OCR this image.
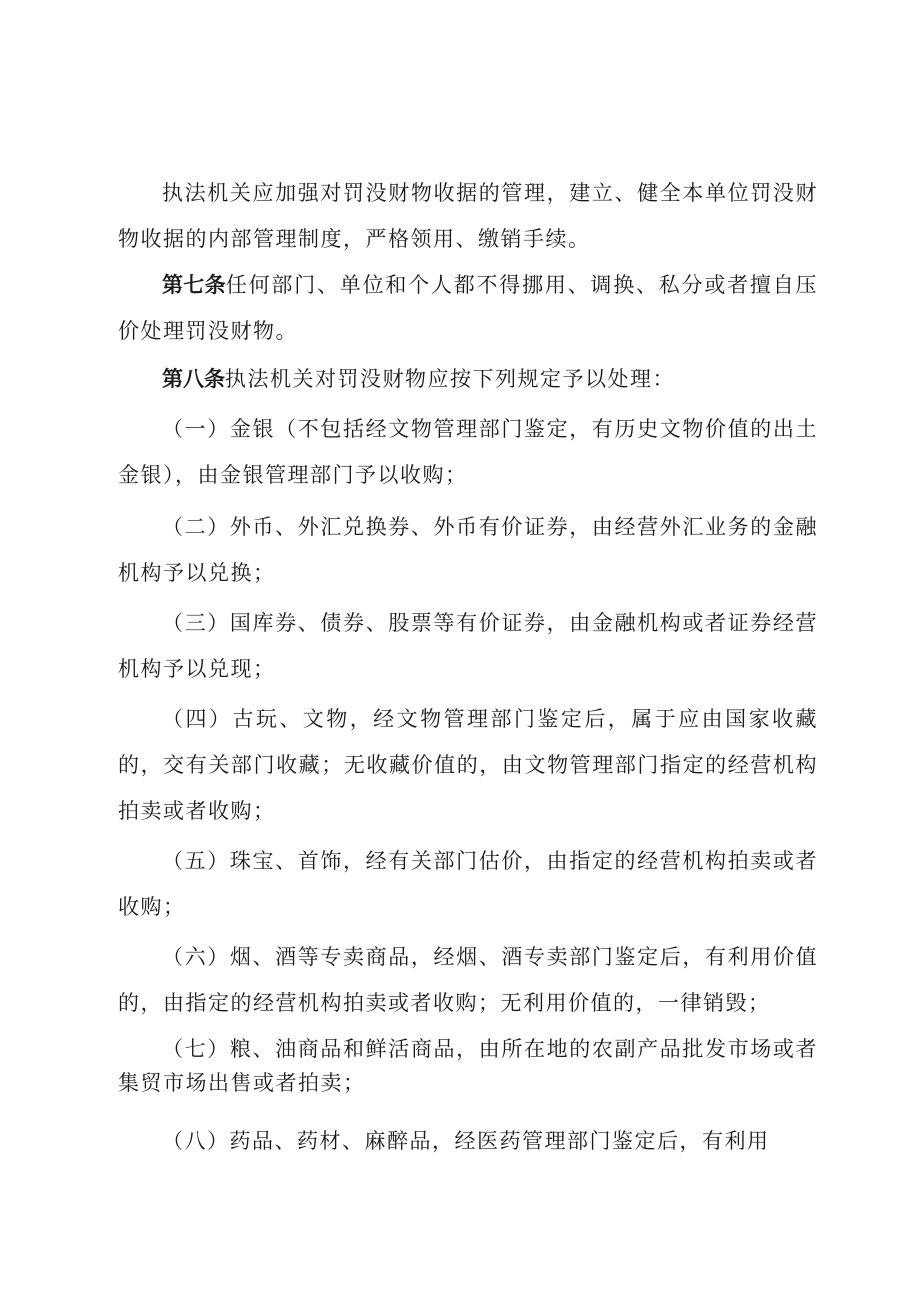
执法机关应加强对罚没财物收据的管理，建立、健全本单位罚没财物收据的内部管理制度，严格领用、缴销手续。

第七条任何部门、单位和个人都不得挪用、调换、私分或者擅自压价处理罚没财物。

第八条执法机关对罚没财物应按下列规定予以处理：

（一）金银（不包括经文物管理部门鉴定，有历史文物价值的出土金银），由金银管理部门予以收购；

（二）外币、外汇兑换券、外币有价证券，由经营外汇业务的金融机构予以兑换；

（三）国库券、债券、股票等有价证券，由金融机构或者证券经营机构予以兑现；

（四）古玩、文物，经文物管理部门鉴定后，属于应由国家收藏的，交有关部门收藏；无收藏价值的，由文物管理部门指定的经营机构拍卖或者收购；

（五）珠宝、首饰，经有关部门估价，由指定的经营机构拍卖或者收购；

（六）烟、酒等专卖商品，经烟、酒专卖部门鉴定后，有利用价值的，由指定的经营机构拍卖或者收购；无利用价值的，一律销毁；

（七）粮、油商品和鲜活商品，由所在地的农副产品批发市场或者集贸市场出售或者拍卖；

（八）药品、药材、麻醉品，经医药管理部门鉴定后，有利用
